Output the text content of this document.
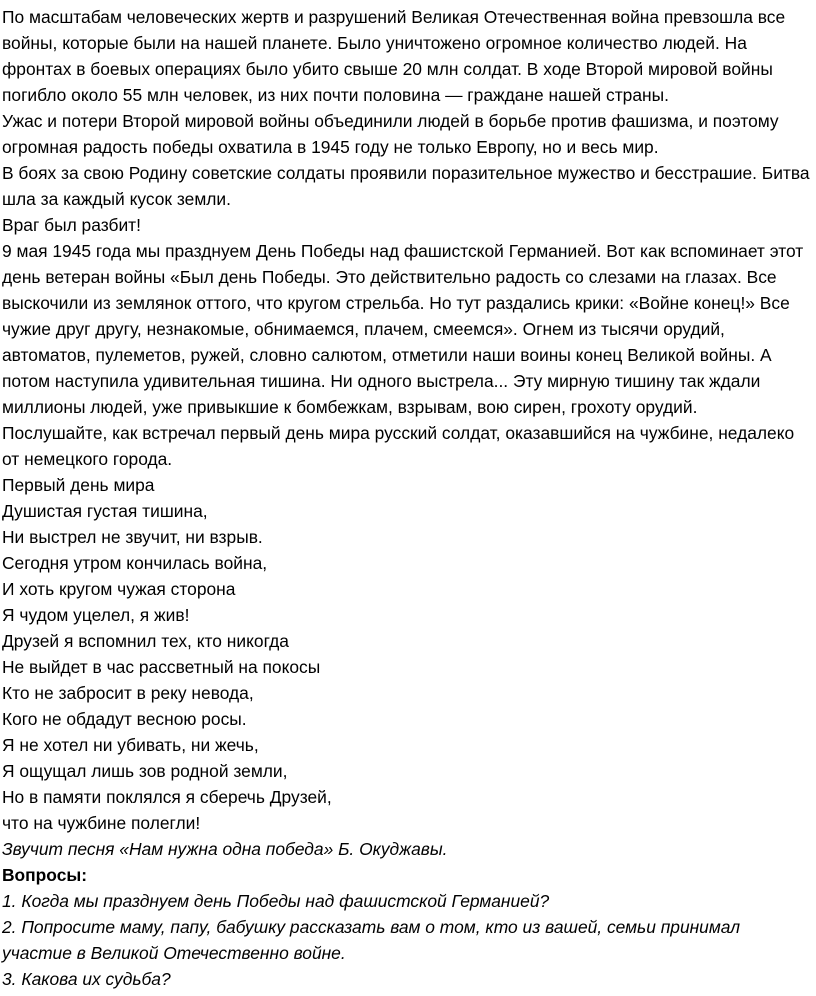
По масштабам человеческих жертв и разрушений Великая Отечественная война превзошла все войны, которые были на нашей планете. Было уничтожено огромное количество людей. На фронтах в боевых операциях было убито свыше 20 млн солдат. В ходе Второй мировой войны погибло около 55 млн человек, из них почти половина — граждане нашей страны.

Ужас и потери Второй мировой войны объединили людей в борьбе против фашизма, и поэтому огромная радость победы охватила в 1945 году не только Европу, но и весь мир.

В боях за свою Родину советские солдаты проявили поразительное мужество и бесстрашие. Битва шла за каждый кусок земли.

Враг был разбит!

9 мая 1945 года мы празднуем День Победы над фашистской Германией. Вот как вспоминает этот день ветеран войны «Был день Победы. Это действительно радость со слезами на глазах. Все выскочили из землянок оттого, что кругом стрельба. Но тут раздались крики: «Войне конец!» Все чужие друг другу, незнакомые, обнимаемся, плачем, смеемся». Огнем из тысячи орудий, автоматов, пулеметов, ружей, словно салютом, отметили наши воины конец Великой войны. А потом наступила удивительная тишина. Ни одного выстрела... Эту мирную тишину так ждали миллионы людей, уже привыкшие к бомбежкам, взрывам, вою сирен, грохоту орудий.

Послушайте, как встречал первый день мира русский солдат, оказавшийся на чужбине, недалеко от немецкого города.

Первый день мира

Душистая густая тишина,

Ни выстрел не звучит, ни взрыв.

Сегодня утром кончилась война,

И хоть кругом чужая сторона

Я чудом уцелел, я жив!

Друзей я вспомнил тех, кто никогда

Не выйдет в час рассветный на покосы

Кто не забросит в реку невода,

Кого не обдадут весною росы.

Я не хотел ни убивать, ни жечь,

Я ощущал лишь зов родной земли,

Но в памяти поклялся я сберечь Друзей,

что на чужбине полегли!

Звучит песня «Нам нужна одна победа» Б. Окуджавы.

Вопросы:

1. Когда мы празднуем день Победы над фашистской Германией?

2. Попросите маму, папу, бабушку рассказать вам о том, кто из вашей, семьи принимал участие в Великой Отечественно войне.

3. Какова их судьба?
